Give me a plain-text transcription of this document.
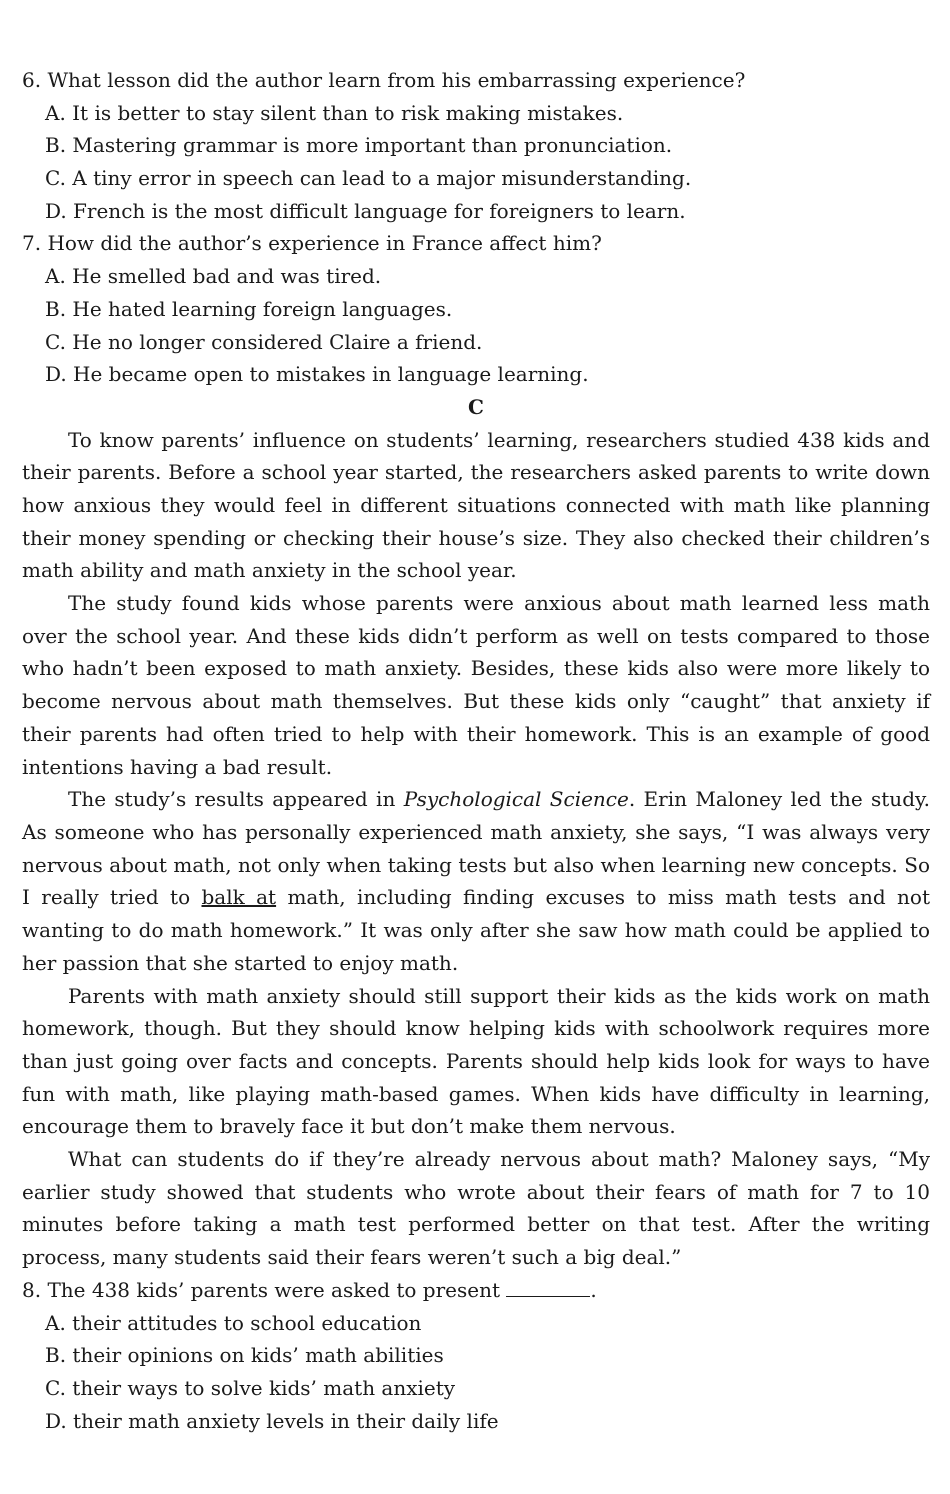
6. What lesson did the author learn from his embarrassing experience?
A. It is better to stay silent than to risk making mistakes.
B. Mastering grammar is more important than pronunciation.
C. A tiny error in speech can lead to a major misunderstanding.
D. French is the most difficult language for foreigners to learn.
7. How did the author’s experience in France affect him?
A. He smelled bad and was tired.
B. He hated learning foreign languages.
C. He no longer considered Claire a friend.
D. He became open to mistakes in language learning.
C

To know parents’ influence on students’ learning, researchers studied 438 kids and their parents. Before a school year started, the researchers asked parents to write down how anxious they would feel in different situations connected with math like planning their money spending or checking their house’s size. They also checked their children’s math ability and math anxiety in the school year.

The study found kids whose parents were anxious about math learned less math over the school year. And these kids didn’t perform as well on tests compared to those who hadn’t been exposed to math anxiety. Besides, these kids also were more likely to become nervous about math themselves. But these kids only “caught” that anxiety if their parents had often tried to help with their homework. This is an example of good intentions having a bad result.

The study’s results appeared in Psychological Science. Erin Maloney led the study. As someone who has personally experienced math anxiety, she says, “I was always very nervous about math, not only when taking tests but also when learning new concepts. So I really tried to balk at math, including finding excuses to miss math tests and not wanting to do math homework.” It was only after she saw how math could be applied to her passion that she started to enjoy math.

Parents with math anxiety should still support their kids as the kids work on math homework, though. But they should know helping kids with schoolwork requires more than just going over facts and concepts. Parents should help kids look for ways to have fun with math, like playing math-based games. When kids have difficulty in learning, encourage them to bravely face it but don’t make them nervous.

What can students do if they’re already nervous about math? Maloney says, “My earlier study showed that students who wrote about their fears of math for 7 to 10 minutes before taking a math test performed better on that test. After the writing process, many students said their fears weren’t such a big deal.”

8. The 438 kids’ parents were asked to present	.
A. their attitudes to school education
B. their opinions on kids’ math abilities
C. their ways to solve kids’ math anxiety
D. their math anxiety levels in their daily life
